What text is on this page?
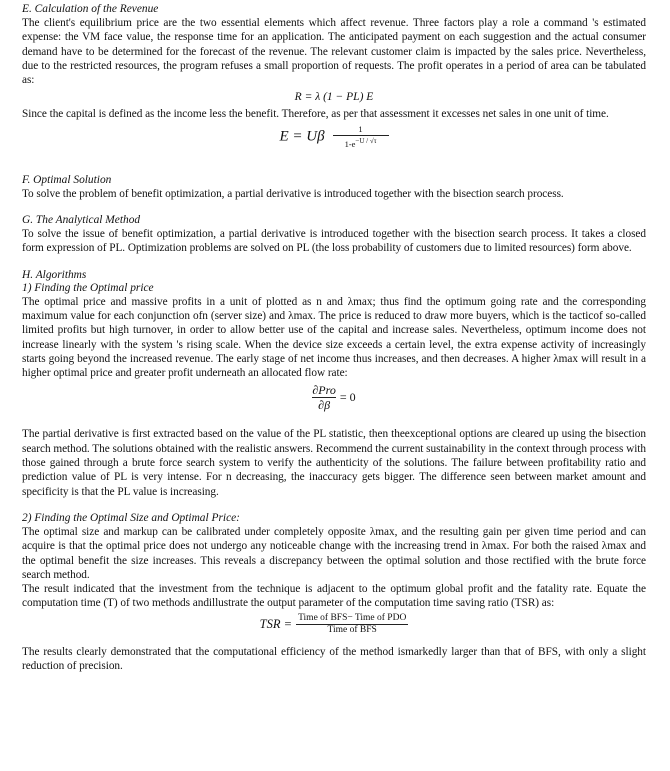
E. Calculation of the Revenue

The client's equilibrium price are the two essential elements which affect revenue. Three factors play a role a command 's estimated expense: the VM face value, the response time for an application. The anticipated payment on each suggestion and the actual consumer demand have to be determined for the forecast of the revenue. The relevant customer claim is impacted by the sales price. Nevertheless, due to the restricted resources, the program refuses a small proportion of requests. The profit operates in a period of area can be tabulated as:

R = λ (1 − PL) E

Since the capital is defined as the income less the benefit. Therefore, as per that assessment it excesses net sales in one unit of time.

E = Uβ $\frac{1}{1-e^{-U / √\tau}}$

F. Optimal Solution

To solve the problem of benefit optimization, a partial derivative is introduced together with the bisection search process.

G. The Analytical Method

To solve the issue of benefit optimization, a partial derivative is introduced together with the bisection search process. It takes a closed form expression of PL. Optimization problems are solved on PL (the loss probability of customers due to limited resources) form above.

H. Algorithms

1) Finding the Optimal price

The optimal price and massive profits in a unit of plotted as n and λmax; thus find the optimum going rate and the corresponding maximum value for each conjunction ofn (server size) and λmax. The price is reduced to draw more buyers, which is the tacticof so-called limited profits but high turnover, in order to allow better use of the capital and increase sales. Nevertheless, optimum income does not increase linearly with the system 's rising scale. When the device size exceeds a certain level, the extra expense activity of increasingly starts going beyond the increased revenue. The early stage of net income thus increases, and then decreases. A higher λmax will result in a higher optimal price and greater profit underneath an allocated flow rate:

$\frac{\text{∂Pro}}{\partial\beta} = 0$

The partial derivative is first extracted based on the value of the PL statistic, then theexceptional options are cleared up using the bisection search method. The solutions obtained with the realistic answers. Recommend the current sustainability in the context through process with those gained through a brute force search system to verify the authenticity of the solutions. The failure between profitability ratio and prediction value of PL is very intense. For n decreasing, the inaccuracy gets bigger. The difference seen between market amount and specificity is that the PL value is increasing.

2) Finding the Optimal Size and Optimal Price:

The optimal size and markup can be calibrated under completely opposite λmax, and the resulting gain per given time period and can acquire is that the optimal price does not undergo any noticeable change with the increasing trend in λmax. For both the raised λmax and the optimal benefit the size increases. This reveals a discrepancy between the optimal solution and those rectified with the brute force search method.

The result indicated that the investment from the technique is adjacent to the optimum global profit and the fatality rate. Equate the computation time (T) of two methods andillustrate the output parameter of the computation time saving ratio (TSR) as:

TSR = $\frac{\text{Time of BFS− Time of PDO}}{\text{Time of BFS}}$

The results clearly demonstrated that the computational efficiency of the method ismarkedly larger than that of BFS, with only a slight reduction of precision.
